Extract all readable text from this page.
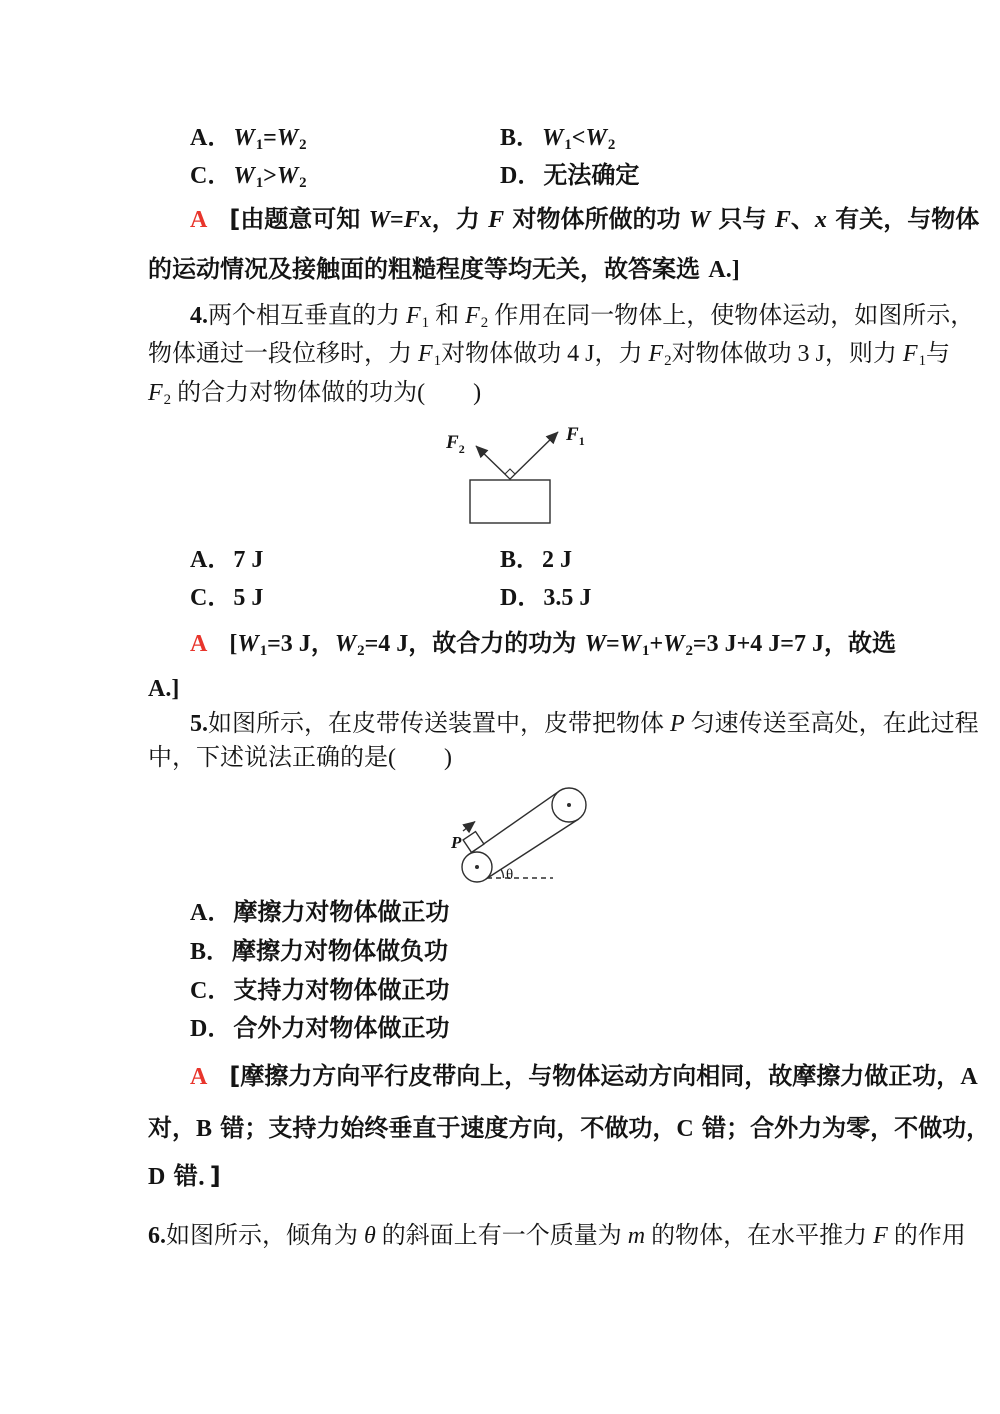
A．W1=W2	B．W1<W2
C．W1>W2	D．无法确定
A [由题意可知 W=Fx，力 F 对物体所做的功 W 只与 F、x 有关，与物体
的运动情况及接触面的粗糙程度等均无关，故答案选 A.]
4.两个相互垂直的力 F1 和 F2 作用在同一物体上，使物体运动，如图所示，
物体通过一段位移时，力 F1对物体做功 4 J，力 F2对物体做功 3 J，则力 F1与
F2 的合力对物体做的功为(　　)
$F_1$
$F_2$
A．7 J	B．2 J
C．5 J	D．3.5 J
A [W1=3 J，W2=4 J，故合力的功为 W=W1+W2=3 J+4 J=7 J，故选
A.]
5.如图所示，在皮带传送装置中，皮带把物体 P 匀速传送至高处，在此过程
中，下述说法正确的是(　　)
P
θ
A．摩擦力对物体做正功
B．摩擦力对物体做负功
C．支持力对物体做正功
D．合外力对物体做正功
A [摩擦力方向平行皮带向上，与物体运动方向相同，故摩擦力做正功，A
对，B 错；支持力始终垂直于速度方向，不做功，C 错；合外力为零，不做功，
D 错．]
6.如图所示，倾角为 θ 的斜面上有一个质量为 m 的物体，在水平推力 F 的作用
